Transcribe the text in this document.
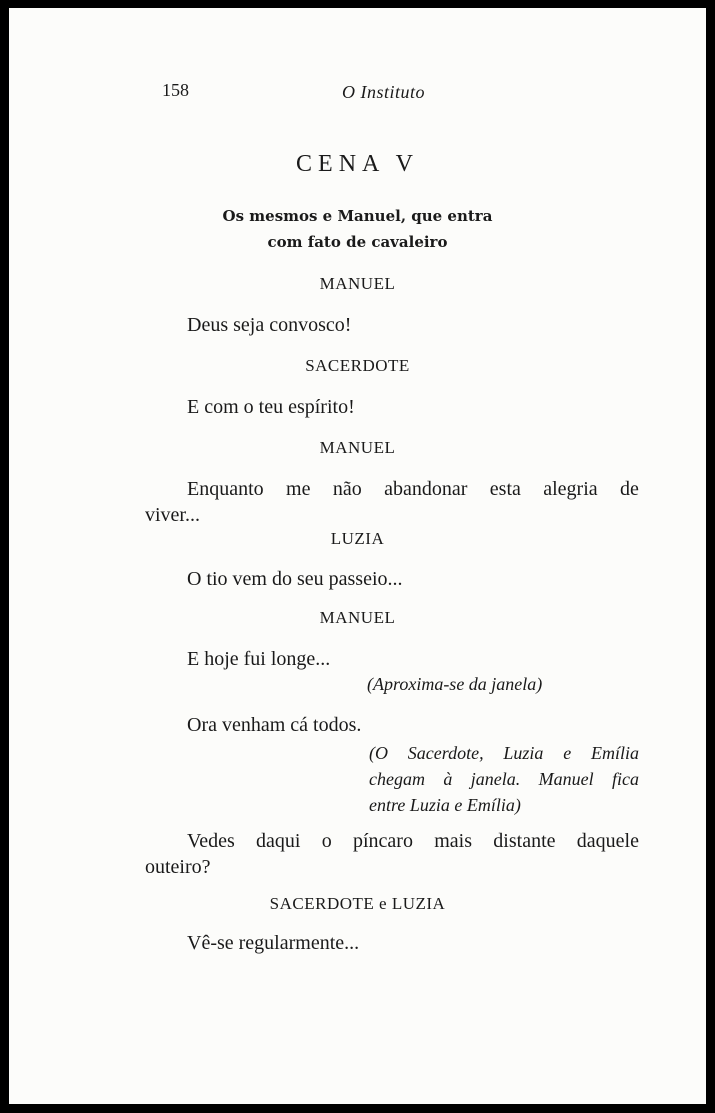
158	O Instituto
CENA V
Os mesmos e Manuel, que entra
com fato de cavaleiro
MANUEL
Deus seja convosco!
SACERDOTE
E com o teu espírito!
MANUEL
Enquanto me não abandonar esta alegria de
viver...
LUZIA
O tio vem do seu passeio...
MANUEL
E hoje fui longe...
(Aproxima-se da janela)
Ora venham cá todos.
(O Sacerdote, Luzia e Emília
chegam à janela. Manuel fica
entre Luzia e Emília)
Vedes daqui o píncaro mais distante daquele
outeiro?
SACERDOTE e LUZIA
Vê-se regularmente...
